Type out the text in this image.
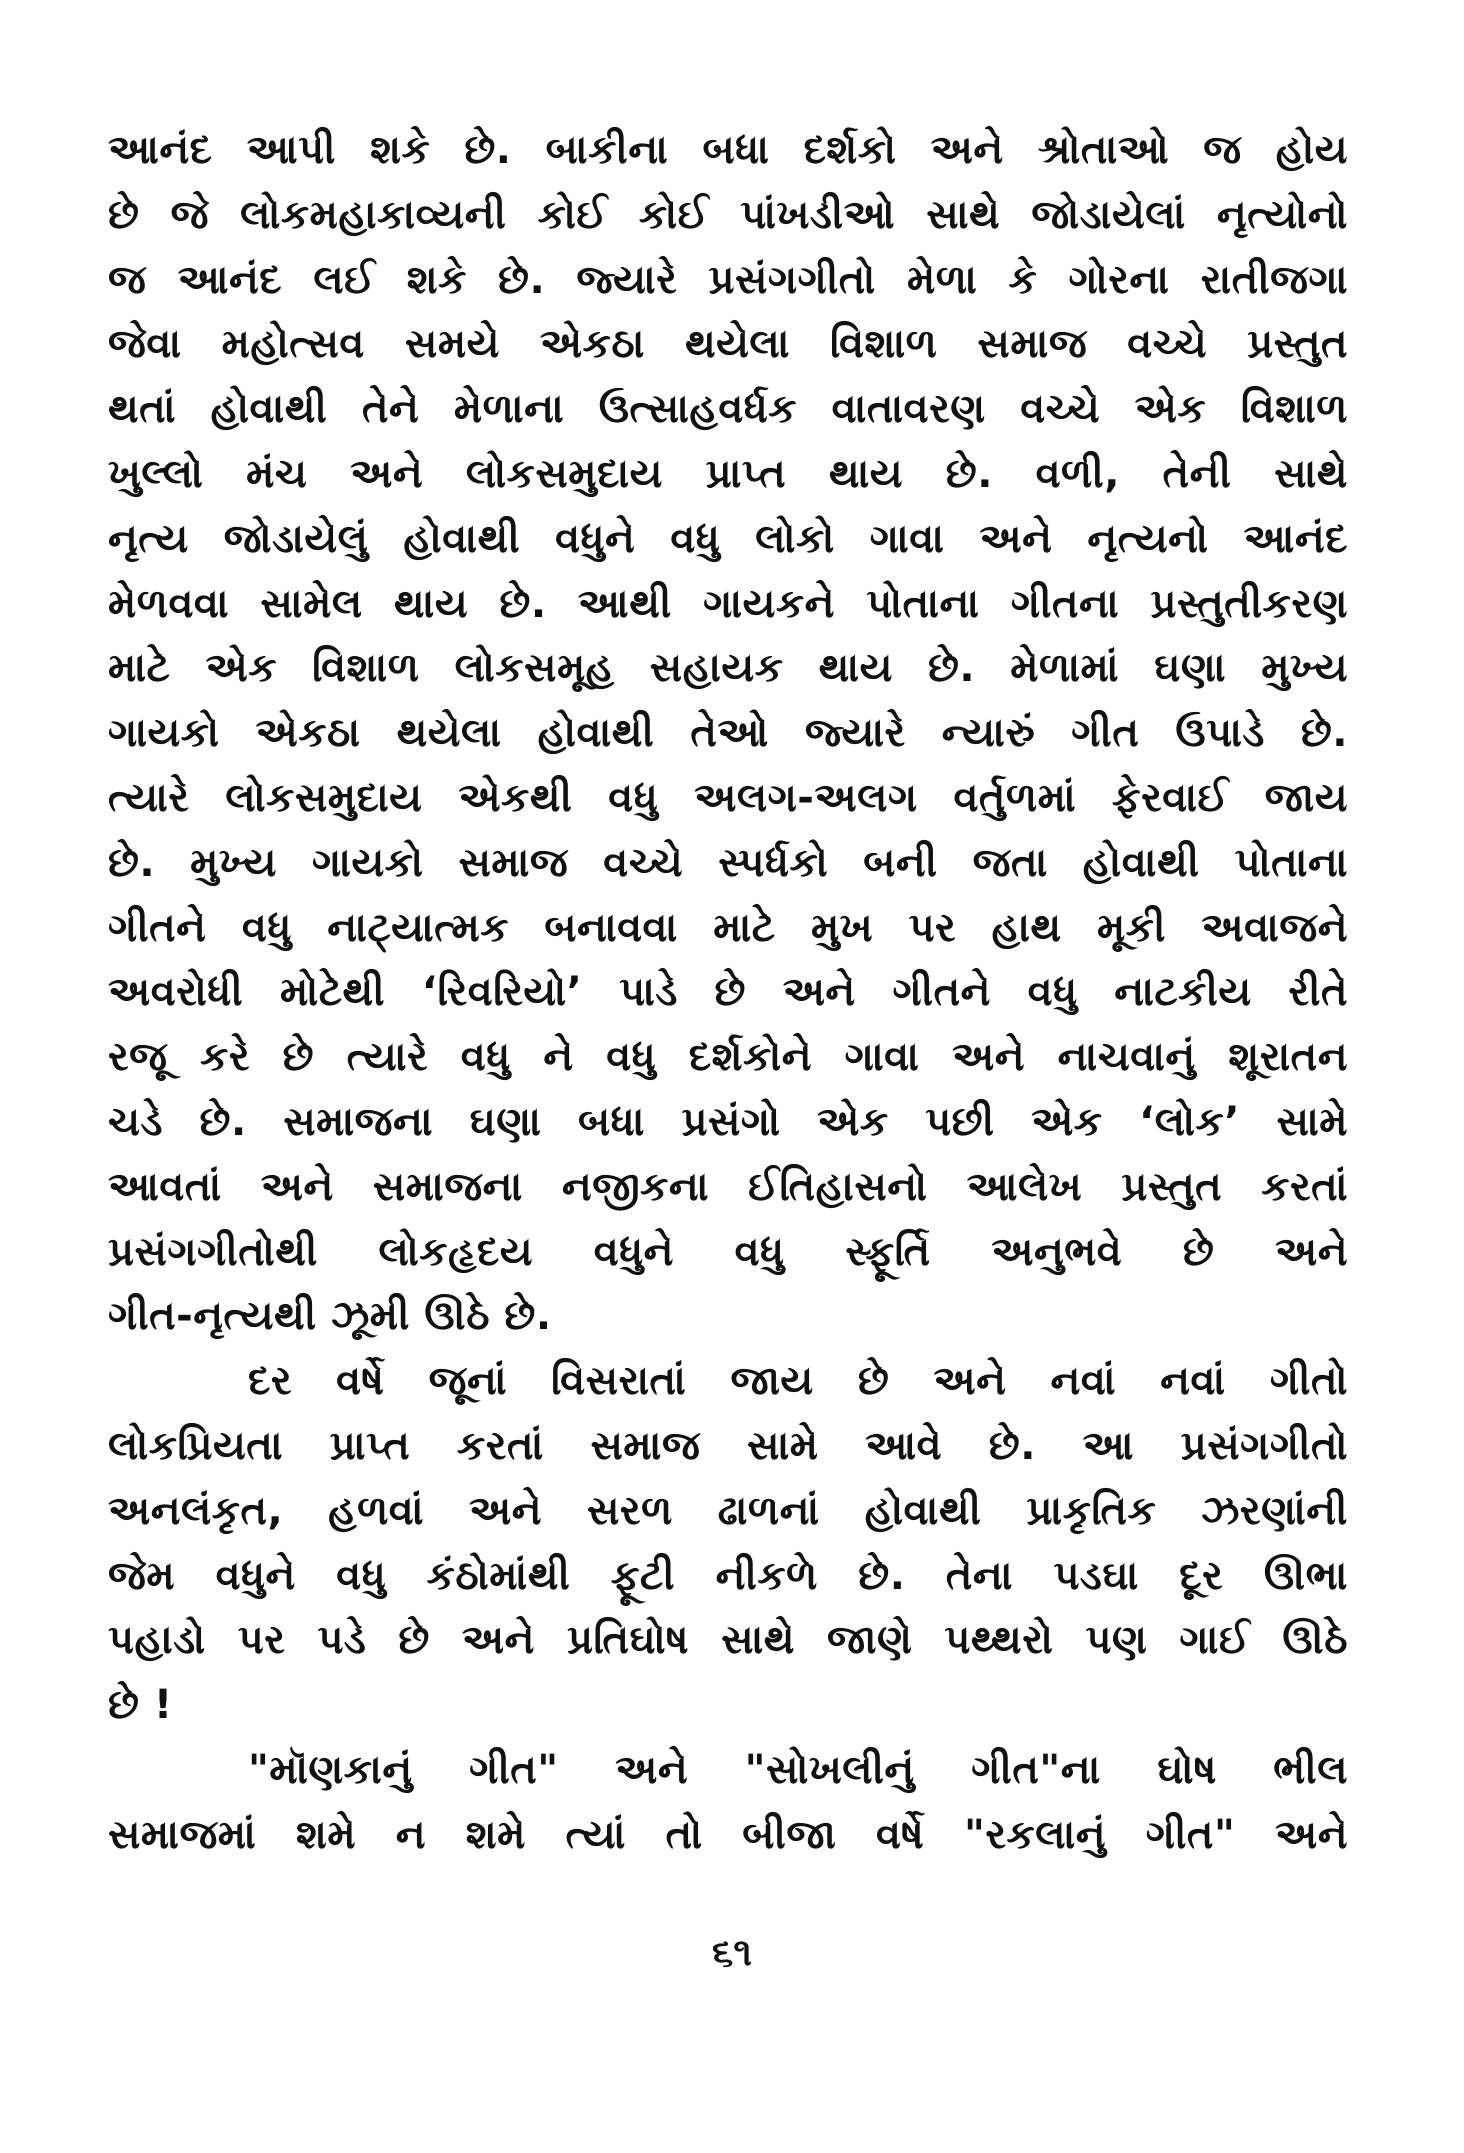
આનંદ આપી શકે છે. બાકીના બધા દર્શકો અને શ્રોતાઓ જ હોય
છે જે લોકમહાકાવ્યની કોઈ કોઈ પાંખડીઓ સાથે જોડાયેલાં નૃત્યોનો
જ આનંદ લઈ શકે છે. જ્યારે પ્રસંગગીતો મેળા કે ગોરના રાતીજગા
જેવા મહોત્સવ સમયે એકઠા થયેલા વિશાળ સમાજ વચ્ચે પ્રસ્તુત
થતાં હોવાથી તેને મેળાના ઉત્સાહવર્ધક વાતાવરણ વચ્ચે એક વિશાળ
ખુલ્લો મંચ અને લોકસમુદાય પ્રાપ્ત થાય છે. વળી, તેની સાથે
નૃત્ય જોડાયેલું હોવાથી વધુને વધુ લોકો ગાવા અને નૃત્યનો આનંદ
મેળવવા સામેલ થાય છે. આથી ગાયકને પોતાના ગીતના પ્રસ્તુતીકરણ
માટે એક વિશાળ લોકસમૂહ સહાયક થાય છે. મેળામાં ઘણા મુખ્ય
ગાયકો એકઠા થયેલા હોવાથી તેઓ જ્યારે ન્યારું ગીત ઉપાડે છે.
ત્યારે લોકસમુદાય એકથી વધુ અલગ-અલગ વર્તુળમાં ફેરવાઈ જાય
છે. મુખ્ય ગાયકો સમાજ વચ્ચે સ્પર્ધકો બની જતા હોવાથી પોતાના
ગીતને વધુ નાટ્યાત્મક બનાવવા માટે મુખ પર હાથ મૂકી અવાજને
અવરોધી મોટેથી ‘રિવરિયો’ પાડે છે અને ગીતને વધુ નાટકીય રીતે
રજૂ કરે છે ત્યારે વધુ ને વધુ દર્શકોને ગાવા અને નાચવાનું શૂરાતન
ચડે છે. સમાજના ઘણા બધા પ્રસંગો એક પછી એક ‘લોક’ સામે
આવતાં અને સમાજના નજીકના ઈતિહાસનો આલેખ પ્રસ્તુત કરતાં
પ્રસંગગીતોથી લોકહૃદય વધુને વધુ સ્ફૂર્તિ અનુભવે છે અને
ગીત-નૃત્યથી ઝૂમી ઊઠે છે.
દર વર્ષે જૂનાં વિસરાતાં જાય છે અને નવાં નવાં ગીતો
લોકપ્રિયતા પ્રાપ્ત કરતાં સમાજ સામે આવે છે. આ પ્રસંગગીતો
અનલંકૃત, હળવાં અને સરળ ઢાળનાં હોવાથી પ્રાકૃતિક ઝરણાંની
જેમ વધુને વધુ કંઠોમાંથી ફૂટી નીકળે છે. તેના પડઘા દૂર ઊભા
પહાડો પર પડે છે અને પ્રતિઘોષ સાથે જાણે પથ્થરો પણ ગાઈ ઊઠે
છે !
"મૉણકાનું ગીત" અને "સોખલીનું ગીત"ના ઘોષ ભીલ
સમાજમાં શમે ન શમે ત્યાં તો બીજા વર્ષે "રકલાનું ગીત" અને
૬૧
